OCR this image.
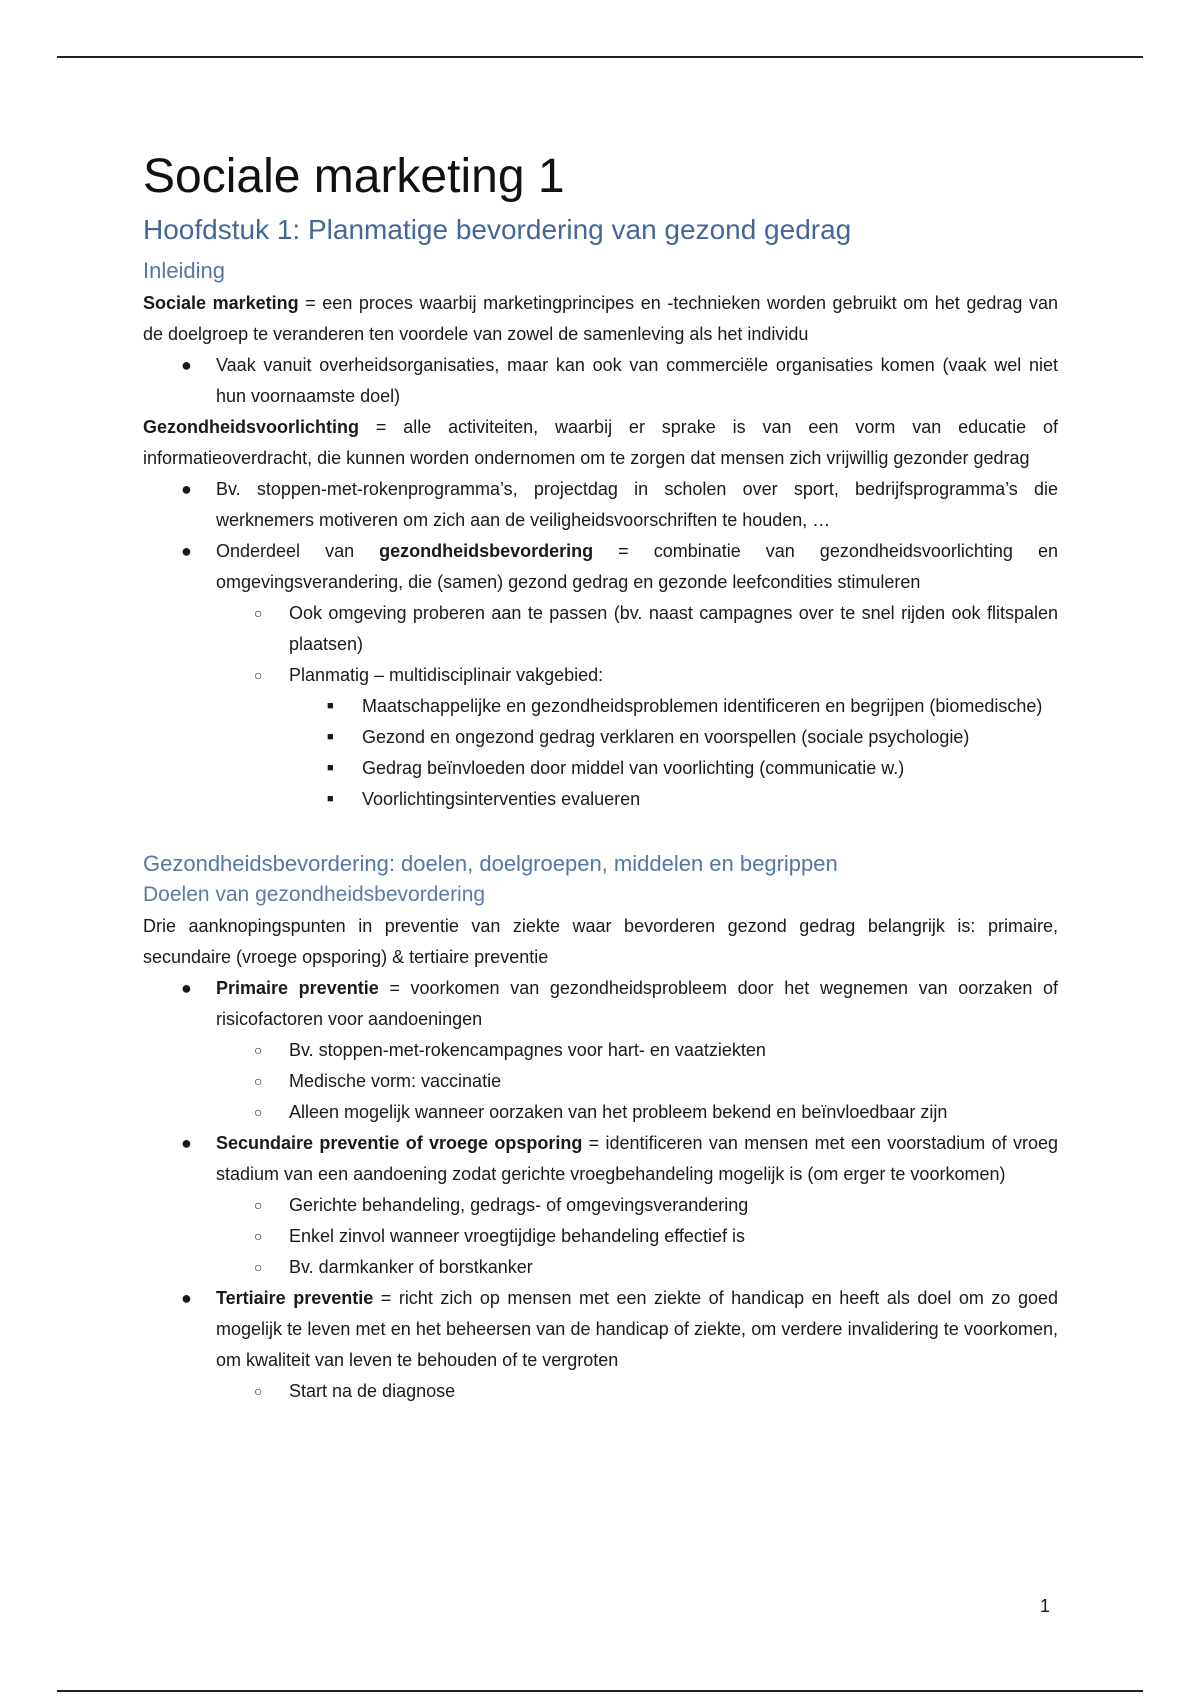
Sociale marketing 1
Hoofdstuk 1: Planmatige bevordering van gezond gedrag
Inleiding

Sociale marketing = een proces waarbij marketingprincipes en -technieken worden gebruikt om het gedrag van de doelgroep te veranderen ten voordele van zowel de samenleving als het individu

● Vaak vanuit overheidsorganisaties, maar kan ook van commerciële organisaties komen (vaak wel niet hun voornaamste doel)

Gezondheidsvoorlichting = alle activiteiten, waarbij er sprake is van een vorm van educatie of informatieoverdracht, die kunnen worden ondernomen om te zorgen dat mensen zich vrijwillig gezonder gedrag

● Bv. stoppen-met-rokenprogramma’s, projectdag in scholen over sport, bedrijfsprogramma’s die werknemers motiveren om zich aan de veiligheidsvoorschriften te houden, …
● Onderdeel van gezondheidsbevordering = combinatie van gezondheidsvoorlichting en omgevingsverandering, die (samen) gezond gedrag en gezonde leefcondities stimuleren
○ Ook omgeving proberen aan te passen (bv. naast campagnes over te snel rijden ook flitspalen plaatsen)
○ Planmatig – multidisciplinair vakgebied:
■ Maatschappelijke en gezondheidsproblemen identificeren en begrijpen (biomedische)
■ Gezond en ongezond gedrag verklaren en voorspellen (sociale psychologie)
■ Gedrag beïnvloeden door middel van voorlichting (communicatie w.)
■ Voorlichtingsinterventies evalueren
Gezondheidsbevordering: doelen, doelgroepen, middelen en begrippen
Doelen van gezondheidsbevordering

Drie aanknopingspunten in preventie van ziekte waar bevorderen gezond gedrag belangrijk is: primaire, secundaire (vroege opsporing) & tertiaire preventie

● Primaire preventie = voorkomen van gezondheidsprobleem door het wegnemen van oorzaken of risicofactoren voor aandoeningen
○ Bv. stoppen-met-rokencampagnes voor hart- en vaatziekten
○ Medische vorm: vaccinatie
○ Alleen mogelijk wanneer oorzaken van het probleem bekend en beïnvloedbaar zijn
● Secundaire preventie of vroege opsporing = identificeren van mensen met een voorstadium of vroeg stadium van een aandoening zodat gerichte vroegbehandeling mogelijk is (om erger te voorkomen)
○ Gerichte behandeling, gedrags- of omgevingsverandering
○ Enkel zinvol wanneer vroegtijdige behandeling effectief is
○ Bv. darmkanker of borstkanker
● Tertiaire preventie = richt zich op mensen met een ziekte of handicap en heeft als doel om zo goed mogelijk te leven met en het beheersen van de handicap of ziekte, om verdere invalidering te voorkomen, om kwaliteit van leven te behouden of te vergroten
○ Start na de diagnose
1
